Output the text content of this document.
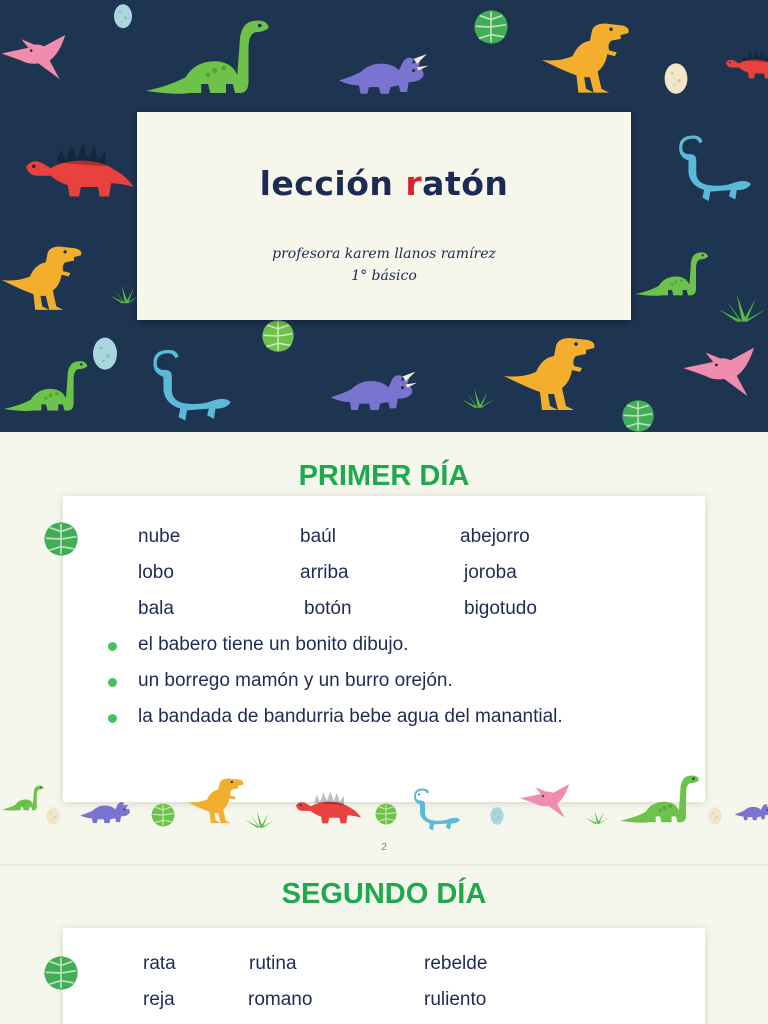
lección ratón
profesora karem llanos ramírez
1° básico
PRIMER DÍA
nube	baúl	abejorro
lobo	arriba	joroba
bala	botón	bigotudo
el babero tiene un bonito dibujo.
un borrego mamón y un burro orejón.
la bandada de bandurria bebe agua del manantial.
2
SEGUNDO DÍA
rata	rutina	rebelde
reja	romano	ruliento
